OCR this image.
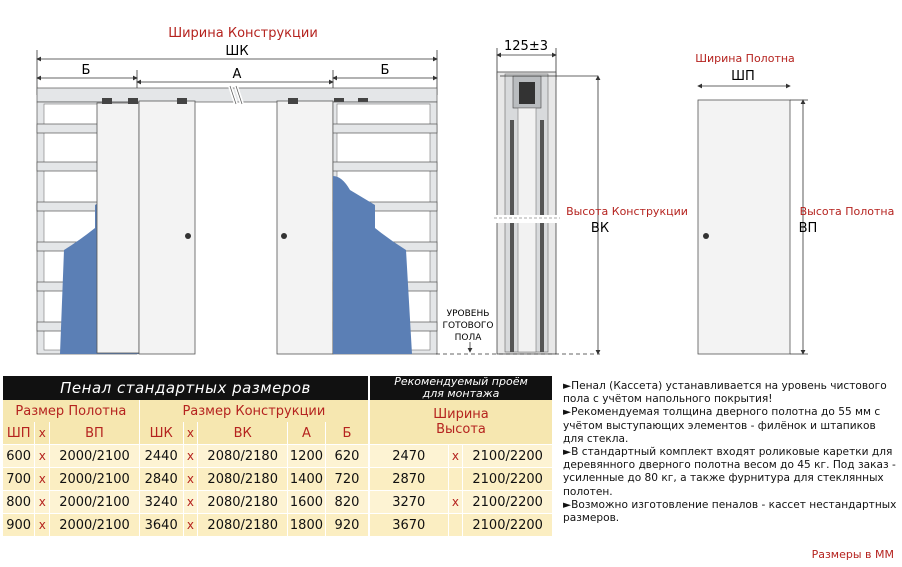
Ширина Конструкции
ШК
Б	А	Б
125±3
Высота Конструкции
ВК
УРОВЕНЬ
ГОТОВОГО
ПОЛА
Ширина Полотна
ШП
Высота Полотна
ВП
Пенал стандартных размеров								Рекомендуемый проём
для монтажа		

Размер Полотна			Размер Конструкции					ШиринаВысота		
ШП	x	ВП	ШК	x	ВК	А	Б			
600	x	2000/2100	2440	x	2080/2180	1200	620	2470	x	2100/2200
700	x	2000/2100	2840	x	2080/2180	1400	720	2870		2100/2200
800	x	2000/2100	3240	x	2080/2180	1600	820	3270	x	2100/2200
900	x	2000/2100	3640	x	2080/2180	1800	920	3670		2100/2200

►Пенал (Кассета) устанавливается на уровень чистового пола с учётом напольного покрытия!

►Рекомендуемая толщина дверного полотна до 55 мм с учётом выступающих элементов - филёнок и штапиков для стекла.

►В стандартный комплект входят роликовые каретки для деревянного дверного полотна весом до 45 кг. Под заказ - усиленные до 80 кг, а также фурнитура для стеклянных полотен.

►Возможно изготовление пеналов - кассет нестандартных размеров.

Размеры в ММ
